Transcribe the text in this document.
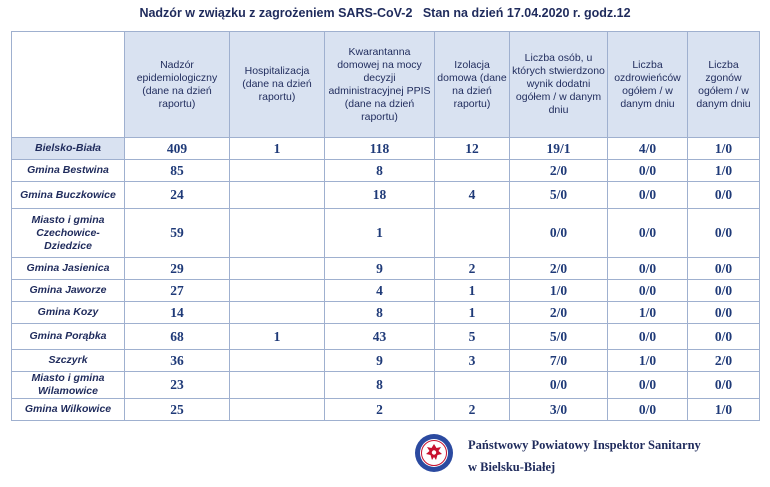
Nadzór w związku z zagrożeniem SARS-CoV-2   Stan na dzień 17.04.2020 r. godz.12
	Nadzór epidemiologiczny (dane na dzień raportu)	Hospitalizacja (dane na dzień raportu)	Kwarantanna domowej na mocy decyzji administracyjnej PPIS (dane na dzień raportu)	Izolacja domowa (dane na dzień raportu)	Liczba osób, u których stwierdzono wynik dodatni ogółem / w danym dniu	Liczba ozdrowieńców ogółem / w danym dniu	Liczba zgonów ogółem / w danym dniu
Bielsko-Biała	409	1	118	12	19/1	4/0	1/0
Gmina Bestwina	85		8		2/0	0/0	1/0
Gmina Buczkowice	24		18	4	5/0	0/0	0/0
Miasto i gmina Czechowice-Dziedzice	59		1		0/0	0/0	0/0
Gmina Jasienica	29		9	2	2/0	0/0	0/0
Gmina Jaworze	27		4	1	1/0	0/0	0/0
Gmina Kozy	14		8	1	2/0	1/0	0/0
Gmina Porąbka	68	1	43	5	5/0	0/0	0/0
Szczyrk	36		9	3	7/0	1/0	2/0
Miasto i gmina Wilamowice	23		8		0/0	0/0	0/0
Gmina Wilkowice	25		2	2	3/0	0/0	1/0
Państwowy Powiatowy Inspektor Sanitarny
w Bielsku-Białej
